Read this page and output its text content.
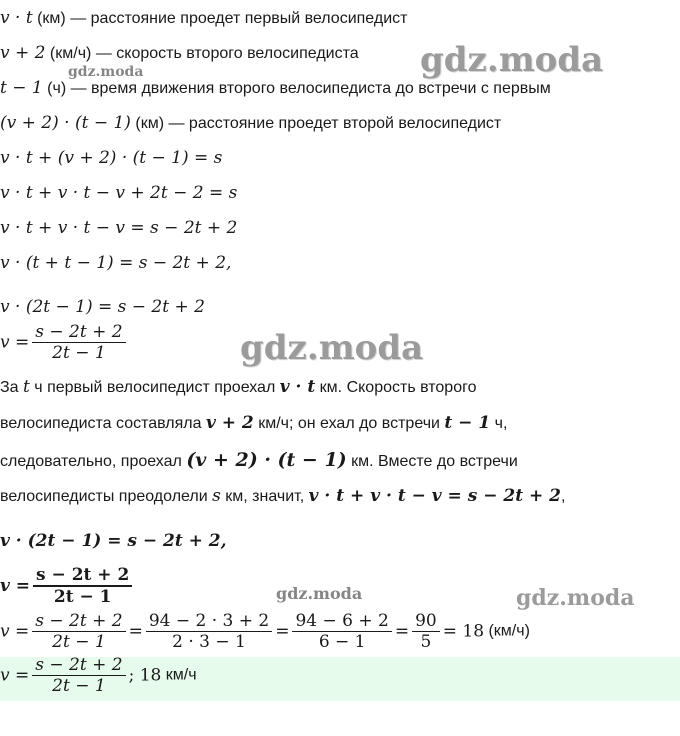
v · t (км) — расстояние проедет первый велосипедист
v + 2 (км/ч) — скорость второго велосипедиста
t − 1 (ч) — время движения второго велосипедиста до встречи с первым
(v + 2) · (t − 1) (км) — расстояние проедет второй велосипедист
v · t + (v + 2) · (t − 1) = s
v · t + v · t − v + 2t − 2 = s
v · t + v · t − v = s − 2t + 2
v · (t + t − 1) = s − 2t + 2,
v · (2t − 1) = s − 2t + 2
$v = \frac{s - 2t + 2}{2t - 1}$
За t ч первый велосипедист проехал v · t км. Скорость второго
велосипедиста составляла v + 2 км/ч; он ехал до встречи t − 1 ч,
следовательно, проехал (v + 2) · (t − 1) км. Вместе до встречи
велосипедисты преодолели s км, значит, v · t + v · t − v = s − 2t + 2,
v · (2t − 1) = s − 2t + 2,
$v = \frac{s - 2t + 2}{2t - 1}$
$v = \frac{s - 2t + 2}{2t - 1} = \frac{94 - 2 \cdot 3 + 2}{2 \cdot 3 - 1} = \frac{94 - 6 + 2}{6 - 1} = \frac{90}{5} = 18$ (км/ч)
$v = \frac{s - 2t + 2}{2t - 1}$ ; 18 км/ч
gdz.moda
gdz.moda
gdz.moda
gdz.moda	gdz.moda
